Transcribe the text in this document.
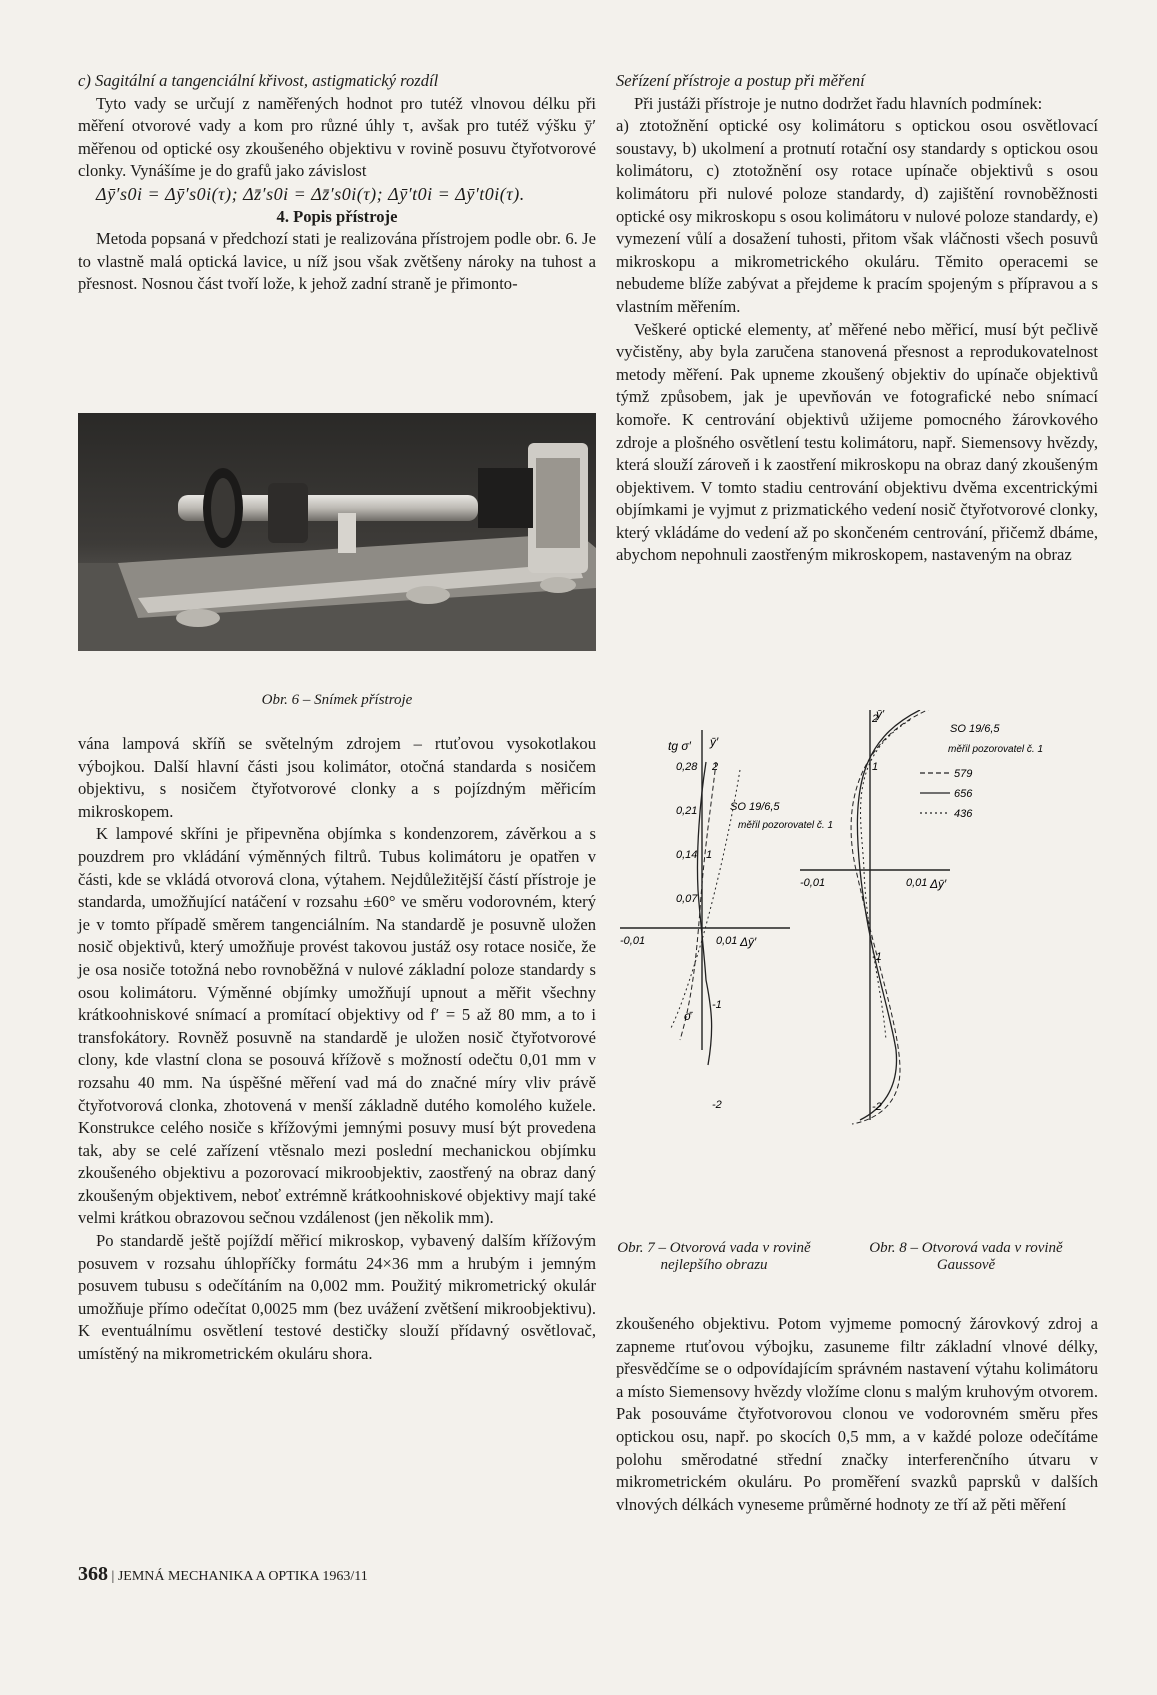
c) Sagitální a tangenciální křivost, astigmatický rozdíl

Tyto vady se určují z naměřených hodnot pro tutéž vlnovou délku při měření otvorové vady a kom pro různé úhly τ, avšak pro tutéž výšku ȳ′ měřenou od optické osy zkoušeného objektivu v rovině posuvu čtyřotvorové clonky. Vynášíme je do grafů jako závislost

Δȳ′s0i = Δȳ′s0i(τ); Δz̄′s0i = Δz̄′s0i(τ); Δȳ′t0i = Δȳ′t0i(τ).

4. Popis přístroje

Metoda popsaná v předchozí stati je realizována přístrojem podle obr. 6. Je to vlastně malá optická lavice, u níž jsou však zvětšeny nároky na tuhost a přesnost. Nosnou část tvoří lože, k jehož zadní straně je přimonto-

Obr. 6 – Snímek přístroje

vána lampová skříň se světelným zdrojem – rtuťovou vysokotlakou výbojkou. Další hlavní části jsou kolimátor, otočná standarda s nosičem objektivu, s nosičem čtyřotvorové clonky a s pojízdným měřicím mikroskopem.

K lampové skříni je připevněna objímka s kondenzorem, závěrkou a s pouzdrem pro vkládání výměnných filtrů. Tubus kolimátoru je opatřen v části, kde se vkládá otvorová clona, výtahem. Nejdůležitější částí přístroje je standarda, umožňující natáčení v rozsahu ±60° ve směru vodorovném, který je v tomto případě směrem tangenciálním. Na standardě je posuvně uložen nosič objektivů, který umožňuje provést takovou justáž osy rotace nosiče, že je osa nosiče totožná nebo rovnoběžná v nulové základní poloze standardy s osou kolimátoru. Výměnné objímky umožňují upnout a měřit všechny krátkoohniskové snímací a promítací objektivy od f′ = 5 až 80 mm, a to i transfokátory. Rovněž posuvně na standardě je uložen nosič čtyřotvorové clony, kde vlastní clona se posouvá křížově s možností odečtu 0,01 mm v rozsahu 40 mm. Na úspěšné měření vad má do značné míry vliv právě čtyřotvorová clonka, zhotovená v menší základně dutého komolého kužele. Konstrukce celého nosiče s křížovými jemnými posuvy musí být provedena tak, aby se celé zařízení vtěsnalo mezi poslední mechanickou objímku zkoušeného objektivu a pozorovací mikroobjektiv, zaostřený na obraz daný zkoušeným objektivem, neboť extrémně krátkoohniskové objektivy mají také velmi krátkou obrazovou sečnou vzdálenost (jen několik mm).

Po standardě ještě pojíždí měřicí mikroskop, vybavený dalším křížovým posuvem v rozsahu úhlopříčky formátu 24×36 mm a hrubým i jemným posuvem tubusu s odečítáním na 0,002 mm. Použitý mikrometrický okulár umožňuje přímo odečítat 0,0025 mm (bez uvážení zvětšení mikroobjektivu). K eventuálnímu osvětlení testové destičky slouží přídavný osvětlovač, umístěný na mikrometrickém okuláru shora.

Seřízení přístroje a postup při měření

Při justáži přístroje je nutno dodržet řadu hlavních podmínek:

a) ztotožnění optické osy kolimátoru s optickou osou osvětlovací soustavy, b) ukolmení a protnutí rotační osy standardy s optickou osou kolimátoru, c) ztotožnění osy rotace upínače objektivů s osou kolimátoru při nulové poloze standardy, d) zajištění rovnoběžnosti optické osy mikroskopu s osou kolimátoru v nulové poloze standardy, e) vymezení vůlí a dosažení tuhosti, přitom však vláčnosti všech posuvů mikroskopu a mikrometrického okuláru. Těmito operacemi se nebudeme blíže zabývat a přejdeme k pracím spojeným s přípravou a s vlastním měřením.

Veškeré optické elementy, ať měřené nebo měřicí, musí být pečlivě vyčistěny, aby byla zaručena stanovená přesnost a reprodukovatelnost metody měření. Pak upneme zkoušený objektiv do upínače objektivů týmž způsobem, jak je upevňován ve fotografické nebo snímací komoře. K centrování objektivů užijeme pomocného žárovkového zdroje a plošného osvětlení testu kolimátoru, např. Siemensovy hvězdy, která slouží zároveň i k zaostření mikroskopu na obraz daný zkoušeným objektivem. V tomto stadiu centrování objektivu dvěma excentrickými objímkami je vyjmut z prizmatického vedení nosič čtyřotvorové clonky, který vkládáme do vedení až po skončeném centrování, přičemž dbáme, abychom nepohnuli zaostřeným mikroskopem, nastaveným na obraz

tg σ′ ȳ′
Δȳ′
0,28
0,21
0,14
0,07
-0,01	0,01
2
1
-1
-2
σ̄
SO 19/6,5
měřil pozorovatel č. 1
ȳ′
Δȳ′
-0,01	0,01
2
1
-1
-2
SO 19/6,5
měřil pozorovatel č. 1
579
656
436
Obr. 7 – Otvorová vada v rovině nejlepšího obrazu
Obr. 8 – Otvorová vada v rovině Gaussově

zkoušeného objektivu. Potom vyjmeme pomocný žárovkový zdroj a zapneme rtuťovou výbojku, zasuneme filtr základní vlnové délky, přesvědčíme se o odpovídajícím správném nastavení výtahu kolimátoru a místo Siemensovy hvězdy vložíme clonu s malým kruhovým otvorem. Pak posouváme čtyřotvorovou clonou ve vodorovném směru přes optickou osu, např. po skocích 0,5 mm, a v každé poloze odečítáme polohu směrodatné střední značky interferenčního útvaru v mikrometrickém okuláru. Po proměření svazků paprsků v dalších vlnových délkách vyneseme průměrné hodnoty ze tří až pěti měření

368 | JEMNÁ MECHANIKA A OPTIKA 1963/11
